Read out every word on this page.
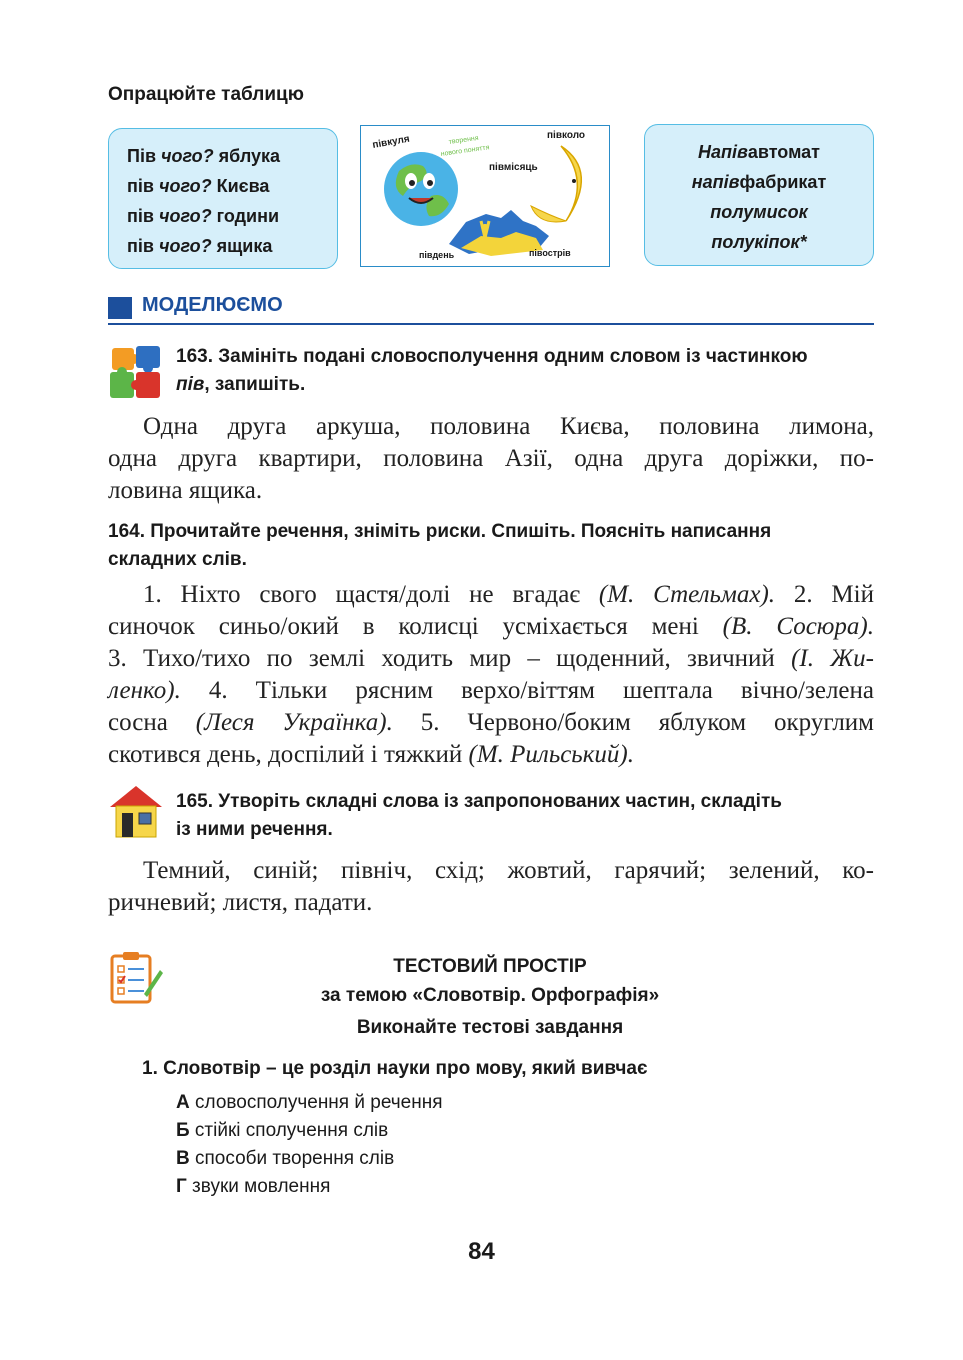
Опрацюйте таблицю
Пів чого? яблука
пів чого? Києва
пів чого? години
пів чого? ящика
півкуля	творення
нового поняття
півколо
півмісяць
південь	півострів
Напівавтомат
напівфабрикат
полумисок
полукіпок*
МОДЕЛЮЄМО
163. Замініть подані словосполучення одним словом із частинкою
пів, запишіть.
Одна друга аркуша, половина Києва, половина лимона,
одна друга квартири, половина Азії, одна друга доріжки, по-
ловина ящика.
164. Прочитайте речення, зніміть риски. Спишіть. Поясніть написання
складних слів.
1. Ніхто свого щастя/долі не вгадає (М. Стельмах). 2. Мій
синочок синьо/окий в колисці усміхається мені (В. Сосюра).
3. Тихо/тихо по землі ходить мир – щоденний, звичний (І. Жи-
ленко). 4. Тільки рясним верхо/віттям шептала вічно/зелена
сосна (Леся Українка). 5. Червоно/боким яблуком округлим
скотився день, доспілий і тяжкий (М. Рильський).
165. Утворіть складні слова із запропонованих частин, складіть
із ними речення.
Темний, синій; північ, схід; жовтий, гарячий; зелений, ко-
ричневий; листя, падати.
ТЕСТОВИЙ ПРОСТІР
за темою «Словотвір. Орфографія»
Виконайте тестові завдання
1. Словотвір – це розділ науки про мову, який вивчає
А словосполучення й речення
Б стійкі сполучення слів
В способи творення слів
Г звуки мовлення
84
